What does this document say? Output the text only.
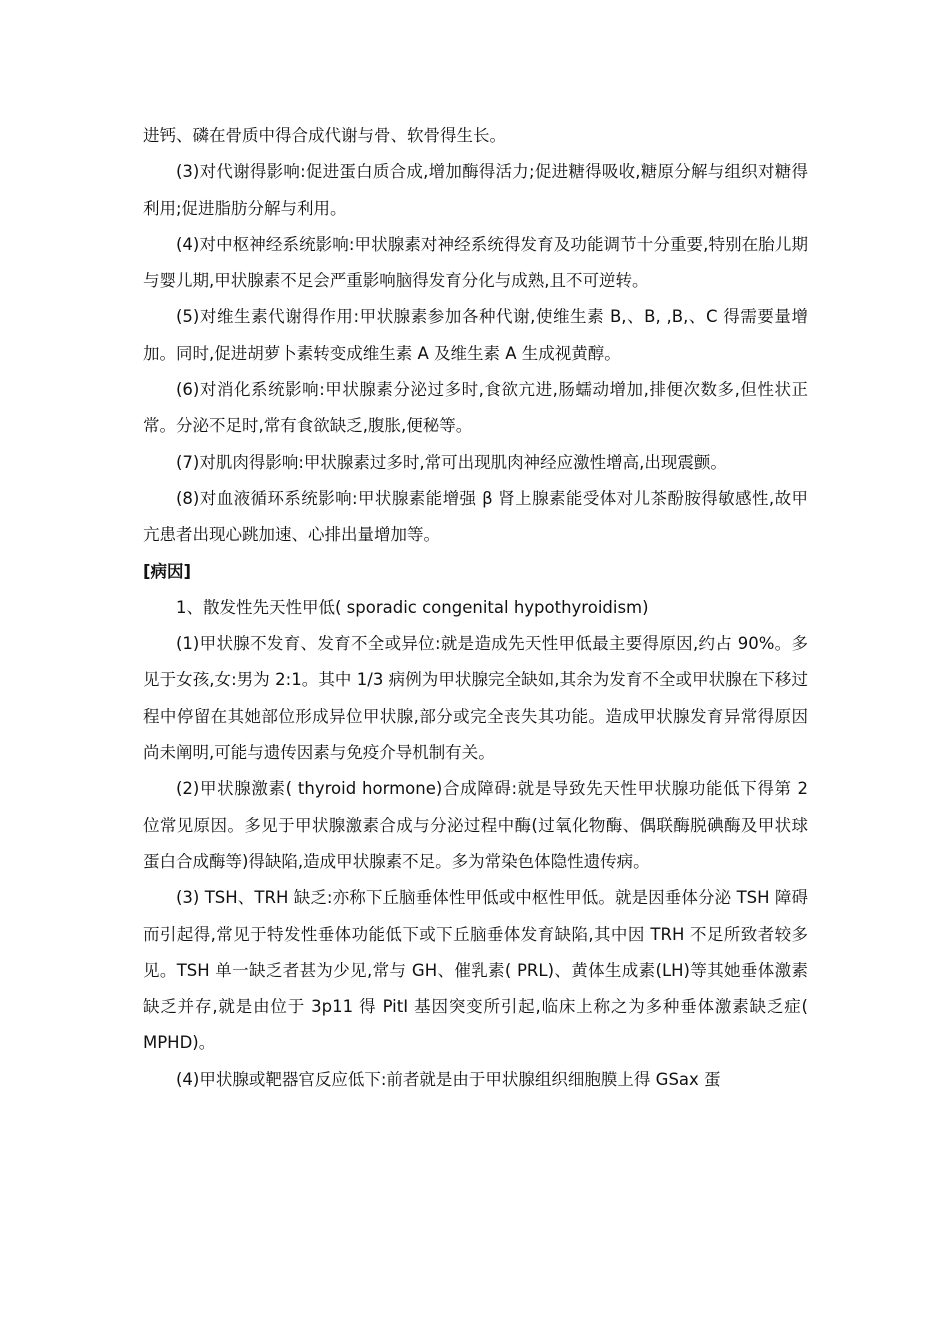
进钙、磷在骨质中得合成代谢与骨、软骨得生长。

(3)对代谢得影响:促进蛋白质合成,增加酶得活力;促进糖得吸收,糖原分解与组织对糖得利用;促进脂肪分解与利用。

(4)对中枢神经系统影响:甲状腺素对神经系统得发育及功能调节十分重要,特别在胎儿期与婴儿期,甲状腺素不足会严重影响脑得发育分化与成熟,且不可逆转。

(5)对维生素代谢得作用:甲状腺素参加各种代谢,使维生素 B,、B, ,B,、C 得需要量增加。同时,促进胡萝卜素转变成维生素 A 及维生素 A 生成视黄醇。

(6)对消化系统影响:甲状腺素分泌过多时,食欲亢进,肠蠕动增加,排便次数多,但性状正常。分泌不足时,常有食欲缺乏,腹胀,便秘等。

(7)对肌肉得影响:甲状腺素过多时,常可出现肌肉神经应激性增高,出现震颤。

(8)对血液循环系统影响:甲状腺素能增强 β 肾上腺素能受体对儿茶酚胺得敏感性,故甲亢患者出现心跳加速、心排出量增加等。

[病因]

1、散发性先天性甲低( sporadic congenital hypothyroidism)

(1)甲状腺不发育、发育不全或异位:就是造成先天性甲低最主要得原因,约占 90%。多见于女孩,女:男为 2:1。其中 1/3 病例为甲状腺完全缺如,其余为发育不全或甲状腺在下移过程中停留在其她部位形成异位甲状腺,部分或完全丧失其功能。造成甲状腺发育异常得原因尚未阐明,可能与遗传因素与免疫介导机制有关。

(2)甲状腺激素( thyroid hormone)合成障碍:就是导致先天性甲状腺功能低下得第 2 位常见原因。多见于甲状腺激素合成与分泌过程中酶(过氧化物酶、偶联酶脱碘酶及甲状球蛋白合成酶等)得缺陷,造成甲状腺素不足。多为常染色体隐性遗传病。

(3) TSH、TRH 缺乏:亦称下丘脑垂体性甲低或中枢性甲低。就是因垂体分泌 TSH 障碍而引起得,常见于特发性垂体功能低下或下丘脑垂体发育缺陷,其中因 TRH 不足所致者较多见。TSH 单一缺乏者甚为少见,常与 GH、催乳素( PRL)、黄体生成素(LH)等其她垂体激素缺乏并存,就是由位于 3p11 得 PitI 基因突变所引起,临床上称之为多种垂体激素缺乏症( MPHD)。

(4)甲状腺或靶器官反应低下:前者就是由于甲状腺组织细胞膜上得 GSax 蛋
